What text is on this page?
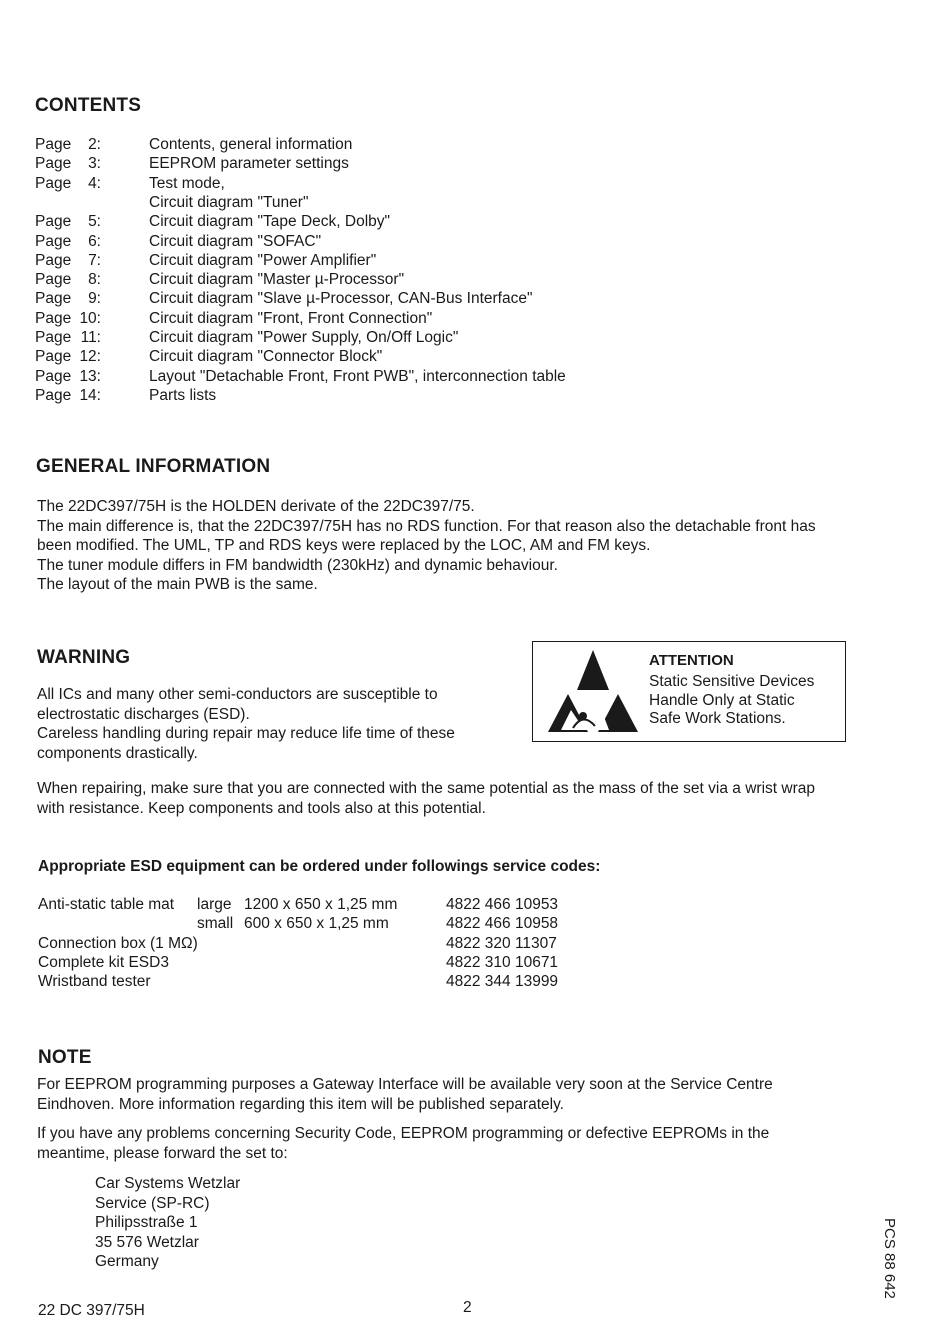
CONTENTS
Page	2:	Contents, general information
Page	3:	EEPROM parameter settings
Page	4:	Test mode,
Circuit diagram "Tuner"
Page	5:	Circuit diagram "Tape Deck, Dolby"
Page	6:	Circuit diagram "SOFAC"
Page	7:	Circuit diagram "Power Amplifier"
Page	8:	Circuit diagram "Master µ-Processor"
Page	9:	Circuit diagram "Slave µ-Processor, CAN-Bus Interface"
Page 10:	Circuit diagram "Front, Front Connection"
Page 11:	Circuit diagram "Power Supply, On/Off Logic"
Page 12:	Circuit diagram "Connector Block"
Page 13:	Layout "Detachable Front, Front PWB", interconnection table
Page 14:	Parts lists
GENERAL INFORMATION
The 22DC397/75H is the HOLDEN derivate of the 22DC397/75.
The main difference is, that the 22DC397/75H has no RDS function. For that reason also the detachable front has
been modified. The UML, TP and RDS keys were replaced by the LOC, AM and FM keys.
The tuner module differs in FM bandwidth (230kHz) and dynamic behaviour.
The layout of the main PWB is the same.
WARNING
All ICs and many other semi-conductors are susceptible to
electrostatic discharges (ESD).
Careless handling during repair may reduce life time of these
components drastically.
ATTENTION
Static Sensitive Devices
Handle Only at Static
Safe Work Stations.
When repairing, make sure that you are connected with the same potential as the mass of the set via a wrist wrap
with resistance. Keep components and tools also at this potential.
Appropriate ESD equipment can be ordered under followings service codes:
Anti-static table mat large 1200 x 650 x 1,25 mm	4822 466 10953
small 600 x 650 x 1,25 mm	4822 466 10958
Connection box (1 MΩ)	4822 320 11307
Complete kit ESD3	4822 310 10671
Wristband tester	4822 344 13999
NOTE
For EEPROM programming purposes a Gateway Interface will be available very soon at the Service Centre
Eindhoven. More information regarding this item will be published separately.
If you have any problems concerning Security Code, EEPROM programming or defective EEPROMs in the
meantime, please forward the set to:
Car Systems Wetzlar
Service (SP-RC)
Philipsstraße 1
35 576 Wetzlar
Germany
22 DC 397/75H	2
PCS 88 642
